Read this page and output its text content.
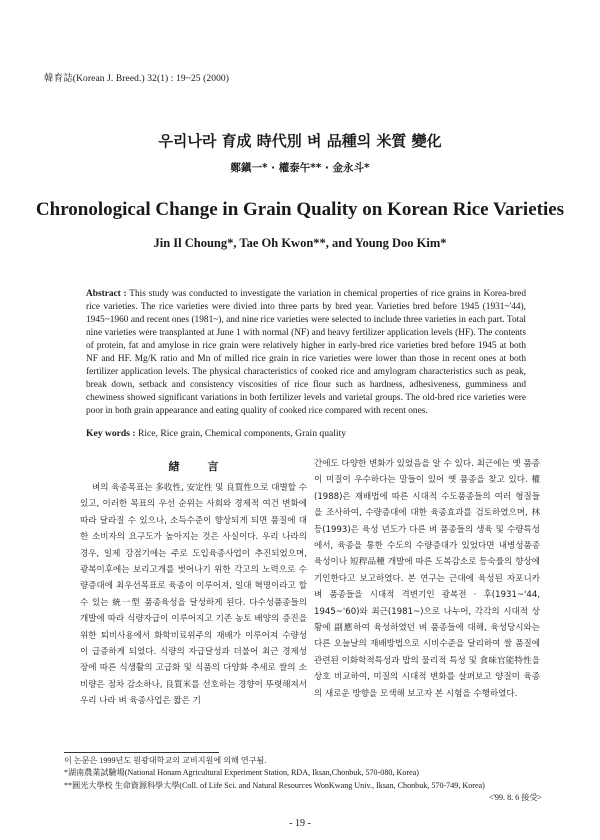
韓育誌(Korean J. Breed.) 32(1) : 19~25 (2000)
우리나라 育成 時代別 벼 品種의 米質 變化
鄭鎭一* · 權泰午** · 金永斗*
Chronological Change in Grain Quality on Korean Rice Varieties
Jin Il Choung*, Tae Oh Kwon**, and Young Doo Kim*
Abstract : This study was conducted to investigate the variation in chemical properties of rice grains in Korea-bred rice varieties. The rice varieties were divied into three parts by bred year. Varieties bred before 1945 (1931~'44), 1945~1960 and recent ones (1981~), and nine rice varieties were selected to include three varieties in each part. Total nine varieties were transplanted at June 1 with normal (NF) and heavy fertilizer application levels (HF). The contents of protein, fat and amylose in rice grain were relatively higher in early-bred rice varieties bred before 1945 at both NF and HF. Mg/K ratio and Mn of milled rice grain in rice varieties were lower than those in recent ones at both fertilizer application levels. The physical characteristics of cooked rice and amylogram characteristics such as peak, break down, setback and consistency viscosities of rice flour such as hardness, adhesiveness, gumminess and chewiness showed significant variations in both fertilizer levels and varietal groups. The old-bred rice varieties were poor in both grain appearance and eating quality of cooked rice compared with recent ones.
Key words : Rice, Rice grain, Chemical components, Grain quality
緖言
벼의 육종목표는 多收性, 安定性 및 良質性으로 대별할 수 있고, 이러한 목표의 우선 순위는 사회와 경제적 여건 변화에 따라 달라질 수 있으나, 소득수준이 향상되게 되면 품질에 대한 소비자의 요구도가 높아지는 것은 사실이다. 우리 나라의 경우, 일제 강점기에는 주로 도입육종사업이 추진되었으며, 광복이후에는 보리고개를 벗어나기 위한 각고의 노력으로 수량증대에 최우선목표로 육종이 이루어져, 일대 혁명이라고 할 수 있는 統一型 품종육성을 달성하게 된다. 다수성품종들의 개발에 따라 식량자급이 이루어지고 기존 농토 배양의 증진을 위한 퇴비사용에서 화학비료위주의 재배가 이루어져 수량성이 급증하게 되었다. 식량의 자급달성과 더불어 최근 경제성장에 따른 식생활의 고급화 및 식품의 다양화 추세로 쌀의 소비량은 점차 감소하나, 良質米를 선호하는 경향이 뚜렷해져서 우리 나라 벼 육종사업은 짧은 기
간에도 다양한 변화가 있었음을 알 수 있다. 최근에는 옛 품종이 미질이 우수하다는 말들이 있어 옛 품종을 찾고 있다. 權(1988)은 재배법에 따른 시대적 수도품종들의 여러 형질들을 조사하여, 수량증대에 대한 육종효과를 검토하였으며, 林 등(1993)은 육성 년도가 다른 벼 품종들의 생육 및 수량특성에서, 육종을 통한 수도의 수량증대가 있었다면 내병성품종 육성이나 短稈品種 개발에 따른 도복감소로 등숙률의 향상에 기인한다고 보고하였다. 본 연구는 근대에 육성된 자포니카 벼 품종들을 시대적 격변기인 광복전 · 후(1931~'44, 1945~'60)와 최근(1981~)으로 나누어, 각각의 시대적 상황에 副應하여 육성하였던 벼 품종들에 대해, 육성당시와는 다른 오늘날의 재배방법으로 시비수준을 달리하여 쌀 품질에 관련된 이화학적특성과 밥의 물리적 특성 및 食味官能特性을 상호 비교하여, 미질의 시대적 변화를 살펴보고 양질미 육종의 새로운 방향을 모색해 보고자 본 시험을 수행하였다.
이 논문은 1999년도 원광대학교의 교비지원에 의해 연구됨.
*湖南農業試驗場(National Honam Agricultural Experiment Station, RDA, Iksan,Chonbuk, 570-080, Korea)
**圓光大學校 生命資源科學大學(Coll. of Life Sci. and Natural Resources WonKwang Univ., Iksan, Chonbuk, 570-749, Korea)
<'99. 8. 6 接受>
- 19 -
